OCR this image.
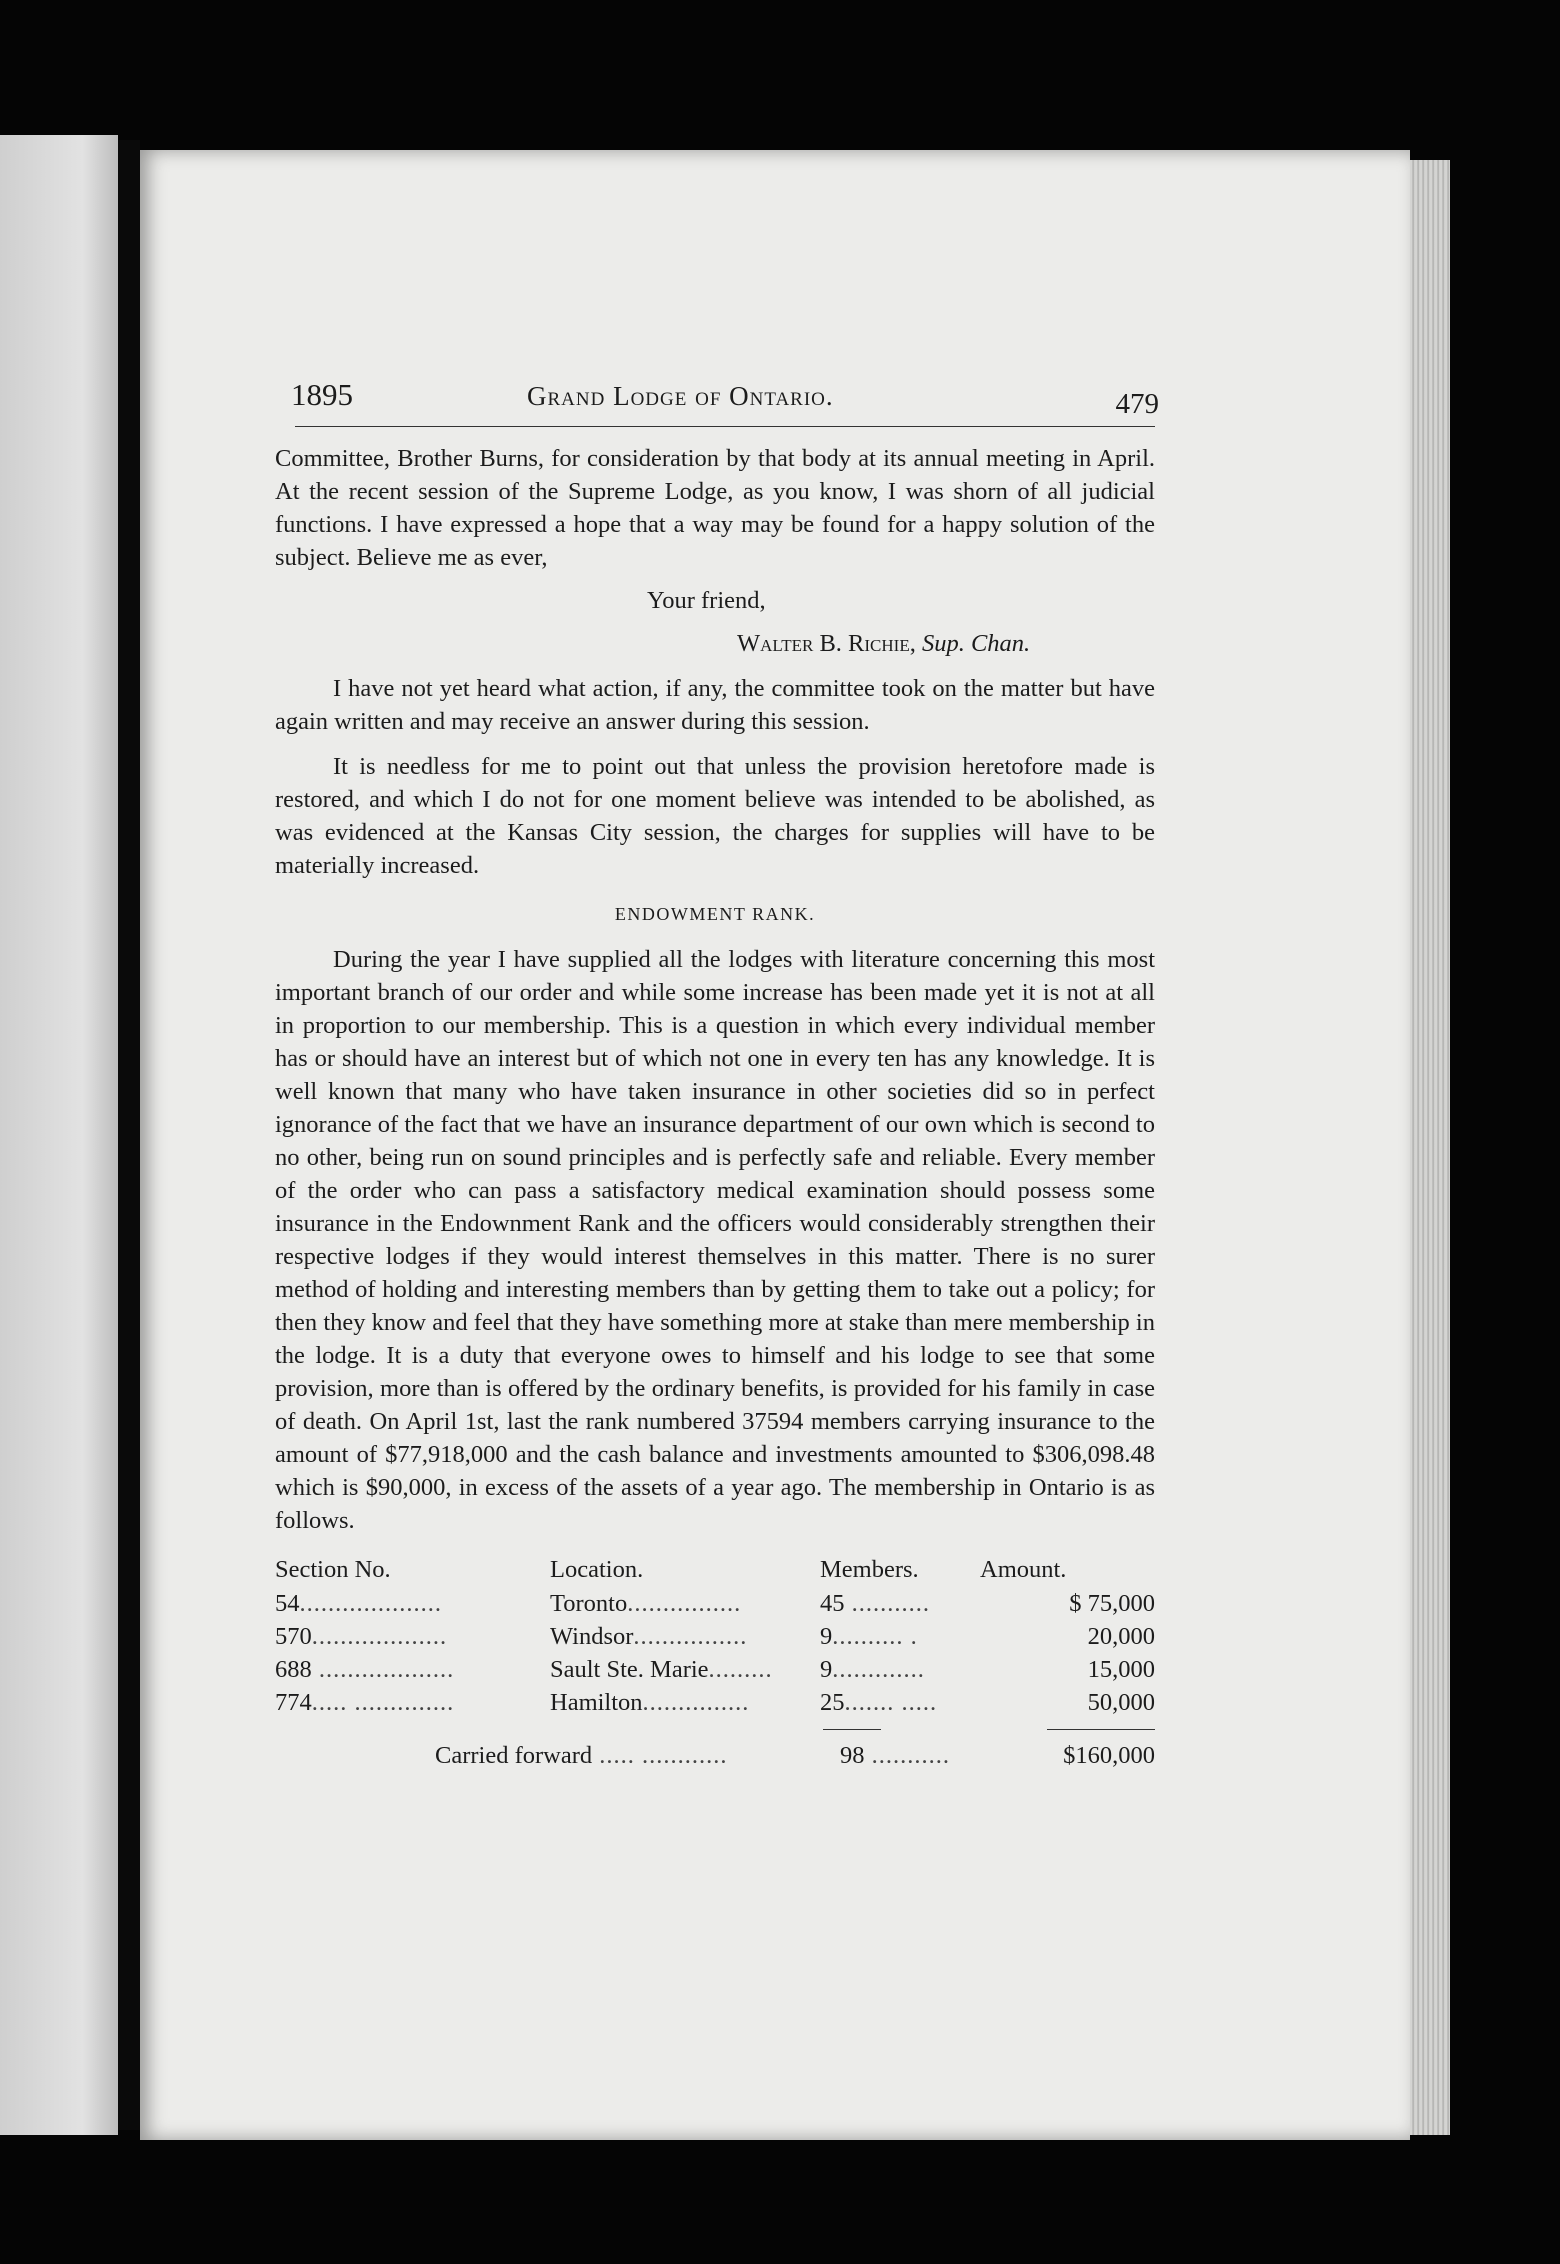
1895	Grand Lodge of Ontario.	479

Committee, Brother Burns, for consideration by that body at its annual meeting in April. At the recent session of the Supreme Lodge, as you know, I was shorn of all judicial functions. I have expressed a hope that a way may be found for a happy solution of the subject. Believe me as ever,

Your friend,
Walter B. Richie, Sup. Chan.

I have not yet heard what action, if any, the committee took on the matter but have again written and may receive an answer during this session.

It is needless for me to point out that unless the provision heretofore made is restored, and which I do not for one moment believe was intended to be abolished, as was evidenced at the Kansas City session, the charges for supplies will have to be materially increased.

ENDOWMENT RANK.

During the year I have supplied all the lodges with literature concerning this most important branch of our order and while some increase has been made yet it is not at all in proportion to our membership. This is a question in which every individual member has or should have an interest but of which not one in every ten has any knowledge. It is well known that many who have taken insurance in other societies did so in perfect ignorance of the fact that we have an insurance department of our own which is second to no other, being run on sound principles and is perfectly safe and reliable. Every member of the order who can pass a satisfactory medical examination should possess some insurance in the Endownment Rank and the officers would considerably strengthen their respective lodges if they would interest themselves in this matter. There is no surer method of holding and interesting members than by getting them to take out a policy; for then they know and feel that they have something more at stake than mere membership in the lodge. It is a duty that everyone owes to himself and his lodge to see that some provision, more than is offered by the ordinary benefits, is provided for his family in case of death. On April 1st, last the rank numbered 37594 members carrying insurance to the amount of $77,918,000 and the cash balance and investments amounted to $306,098.48 which is $90,000, in excess of the assets of a year ago. The membership in Ontario is as follows.

Section No.	Location.	Members.	Amount.
54....................	Toronto................	45 ...........	$ 75,000
570...................	Windsor................	9.......... .	20,000
688 ...................	Sault Ste. Marie.........	9.............	15,000
774..... ..............	Hamilton...............	25....... .....	50,000
Carried forward ..... ............	98 ...........	$160,000
